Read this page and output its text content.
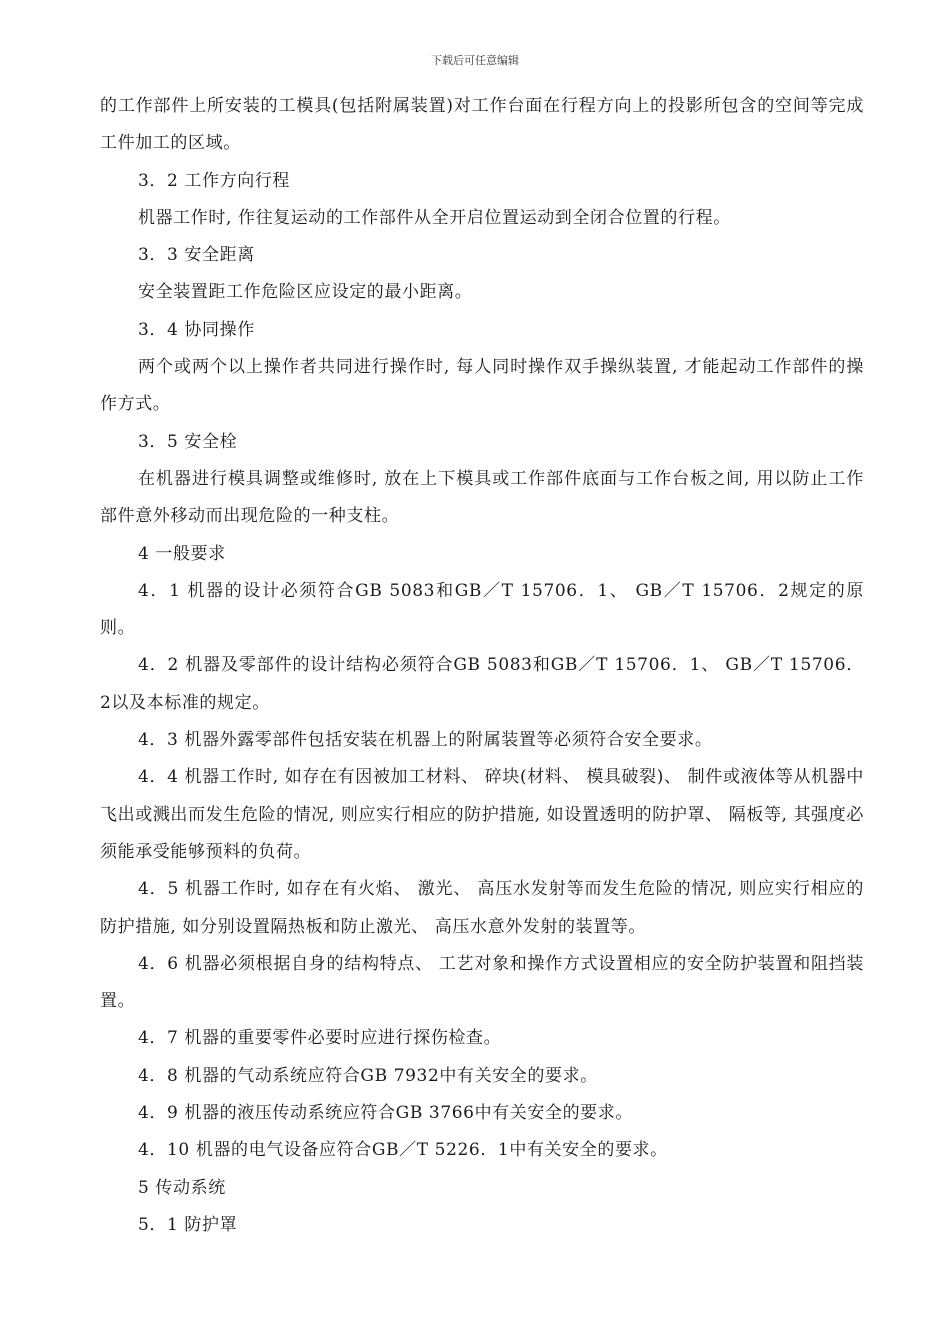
下载后可任意编辑

的工作部件上所安装的工模具(包括附属装置)对工作台面在行程方向上的投影所包含的空间等完成工件加工的区域。

3．2 工作方向行程

机器工作时, 作往复运动的工作部件从全开启位置运动到全闭合位置的行程。

3．3 安全距离

安全装置距工作危险区应设定的最小距离。

3．4 协同操作

两个或两个以上操作者共同进行操作时, 每人同时操作双手操纵装置, 才能起动工作部件的操作方式。

3．5 安全栓

在机器进行模具调整或维修时, 放在上下模具或工作部件底面与工作台板之间, 用以防止工作部件意外移动而出现危险的一种支柱。

4 一般要求

4．1 机器的设计必须符合GB 5083和GB／T 15706．1、 GB／T 15706．2规定的原则。

4．2 机器及零部件的设计结构必须符合GB 5083和GB／T 15706．1、 GB／T 15706．2以及本标准的规定。

4．3 机器外露零部件包括安装在机器上的附属装置等必须符合安全要求。

4．4 机器工作时, 如存在有因被加工材料、 碎块(材料、 模具破裂)、 制件或液体等从机器中飞出或溅出而发生危险的情况, 则应实行相应的防护措施, 如设置透明的防护罩、 隔板等, 其强度必须能承受能够预料的负荷。

4．5 机器工作时, 如存在有火焰、 激光、 高压水发射等而发生危险的情况, 则应实行相应的防护措施, 如分别设置隔热板和防止激光、 高压水意外发射的装置等。

4．6 机器必须根据自身的结构特点、 工艺对象和操作方式设置相应的安全防护装置和阻挡装置。

4．7 机器的重要零件必要时应进行探伤检查。

4．8 机器的气动系统应符合GB 7932中有关安全的要求。

4．9 机器的液压传动系统应符合GB 3766中有关安全的要求。

4．10 机器的电气设备应符合GB／T 5226．1中有关安全的要求。

5 传动系统

5．1 防护罩
